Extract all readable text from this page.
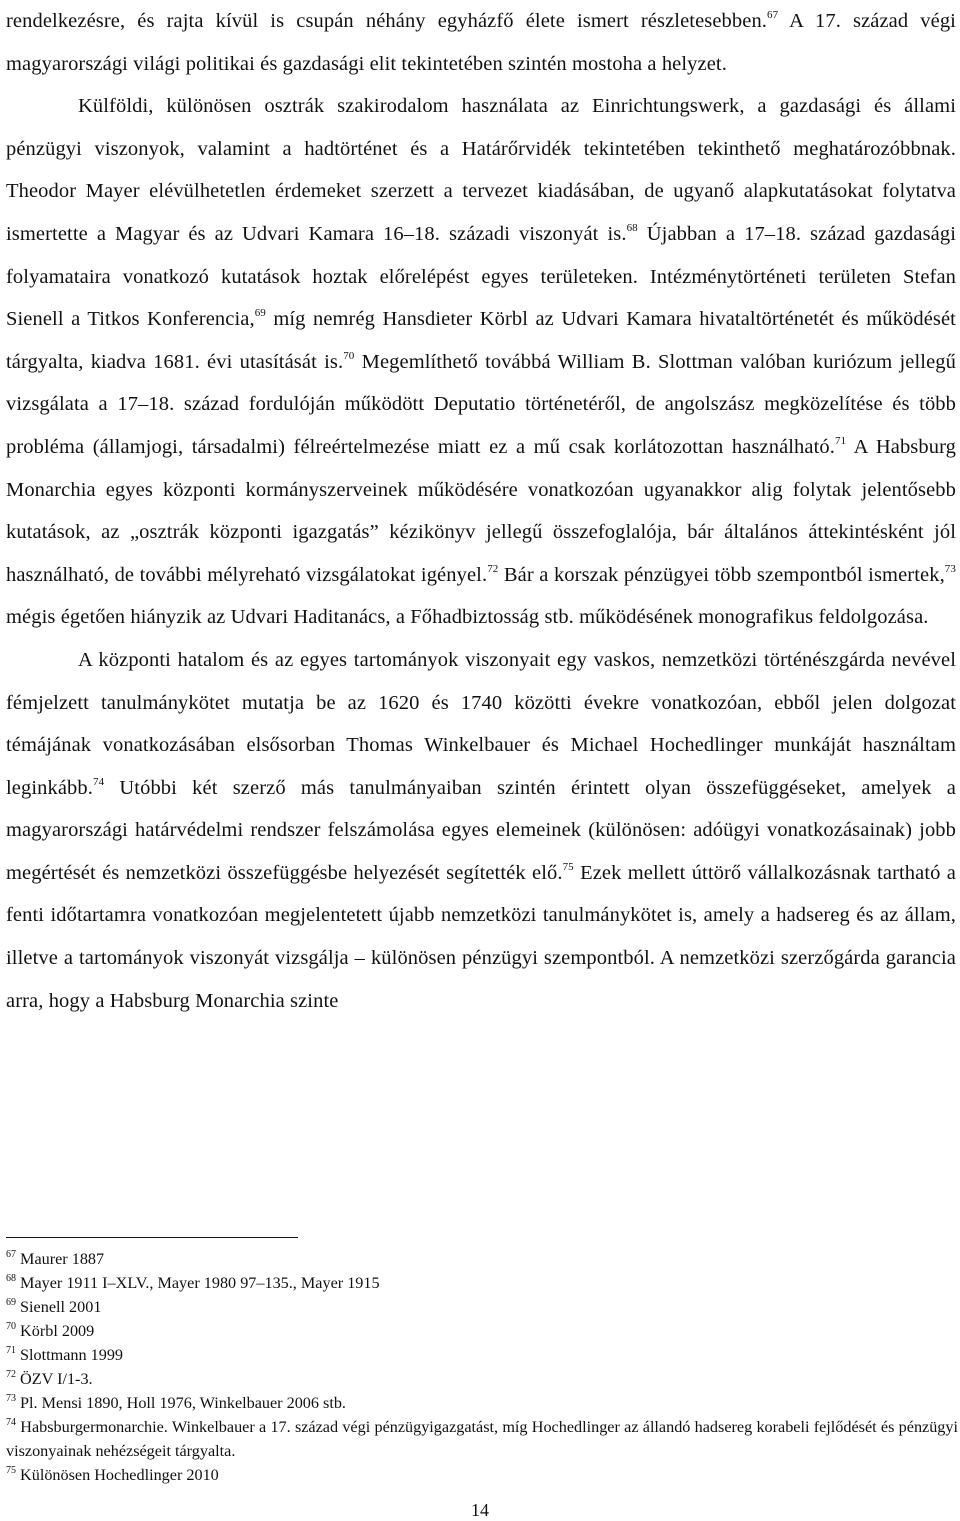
rendelkezésre, és rajta kívül is csupán néhány egyházfő élete ismert részletesebben.$^{67}$ A 17. század végi magyarországi világi politikai és gazdasági elit tekintetében szintén mostoha a helyzet.

Külföldi, különösen osztrák szakirodalom használata az Einrichtungswerk, a gazdasági és állami pénzügyi viszonyok, valamint a hadtörténet és a Határőrvidék tekintetében tekinthető meghatározóbbnak. Theodor Mayer elévülhetetlen érdemeket szerzett a tervezet kiadásában, de ugyanő alapkutatásokat folytatva ismertette a Magyar és az Udvari Kamara 16–18. századi viszonyát is.$^{68}$ Újabban a 17–18. század gazdasági folyamataira vonatkozó kutatások hoztak előrelépést egyes területeken. Intézménytörténeti területen Stefan Sienell a Titkos Konferencia,$^{69}$ míg nemrég Hansdieter Körbl az Udvari Kamara hivataltörténetét és működését tárgyalta, kiadva 1681. évi utasítását is.$^{70}$ Megemlíthető továbbá William B. Slottman valóban kuriózum jellegű vizsgálata a 17–18. század fordulóján működött Deputatio történetéről, de angolszász megközelítése és több probléma (államjogi, társadalmi) félreértelmezése miatt ez a mű csak korlátozottan használható.$^{71}$ A Habsburg Monarchia egyes központi kormányszerveinek működésére vonatkozóan ugyanakkor alig folytak jelentősebb kutatások, az „osztrák központi igazgatás” kézikönyv jellegű összefoglalója, bár általános áttekintésként jól használható, de további mélyreható vizsgálatokat igényel.$^{72}$ Bár a korszak pénzügyei több szempontból ismertek,$^{73}$ mégis égetően hiányzik az Udvari Haditanács, a Főhadbiztosság stb. működésének monografikus feldolgozása.

A központi hatalom és az egyes tartományok viszonyait egy vaskos, nemzetközi történészgárda nevével fémjelzett tanulmánykötet mutatja be az 1620 és 1740 közötti évekre vonatkozóan, ebből jelen dolgozat témájának vonatkozásában elsősorban Thomas Winkelbauer és Michael Hochedlinger munkáját használtam leginkább.$^{74}$ Utóbbi két szerző más tanulmányaiban szintén érintett olyan összefüggéseket, amelyek a magyarországi határvédelmi rendszer felszámolása egyes elemeinek (különösen: adóügyi vonatkozásainak) jobb megértését és nemzetközi összefüggésbe helyezését segítették elő.$^{75}$ Ezek mellett úttörő vállalkozásnak tartható a fenti időtartamra vonatkozóan megjelentetett újabb nemzetközi tanulmánykötet is, amely a hadsereg és az állam, illetve a tartományok viszonyát vizsgálja – különösen pénzügyi szempontból. A nemzetközi szerzőgárda garancia arra, hogy a Habsburg Monarchia szinte

$^{67}$ Maurer 1887

$^{68}$ Mayer 1911 I–XLV., Mayer 1980 97–135., Mayer 1915

$^{69}$ Sienell 2001

$^{70}$ Körbl 2009

$^{71}$ Slottmann 1999

$^{72}$ ÖZV I/1-3.

$^{73}$ Pl. Mensi 1890, Holl 1976, Winkelbauer 2006 stb.

$^{74}$ Habsburgermonarchie. Winkelbauer a 17. század végi pénzügyigazgatást, míg Hochedlinger az állandó hadsereg korabeli fejlődését és pénzügyi viszonyainak nehézségeit tárgyalta.

$^{75}$ Különösen Hochedlinger 2010

14
